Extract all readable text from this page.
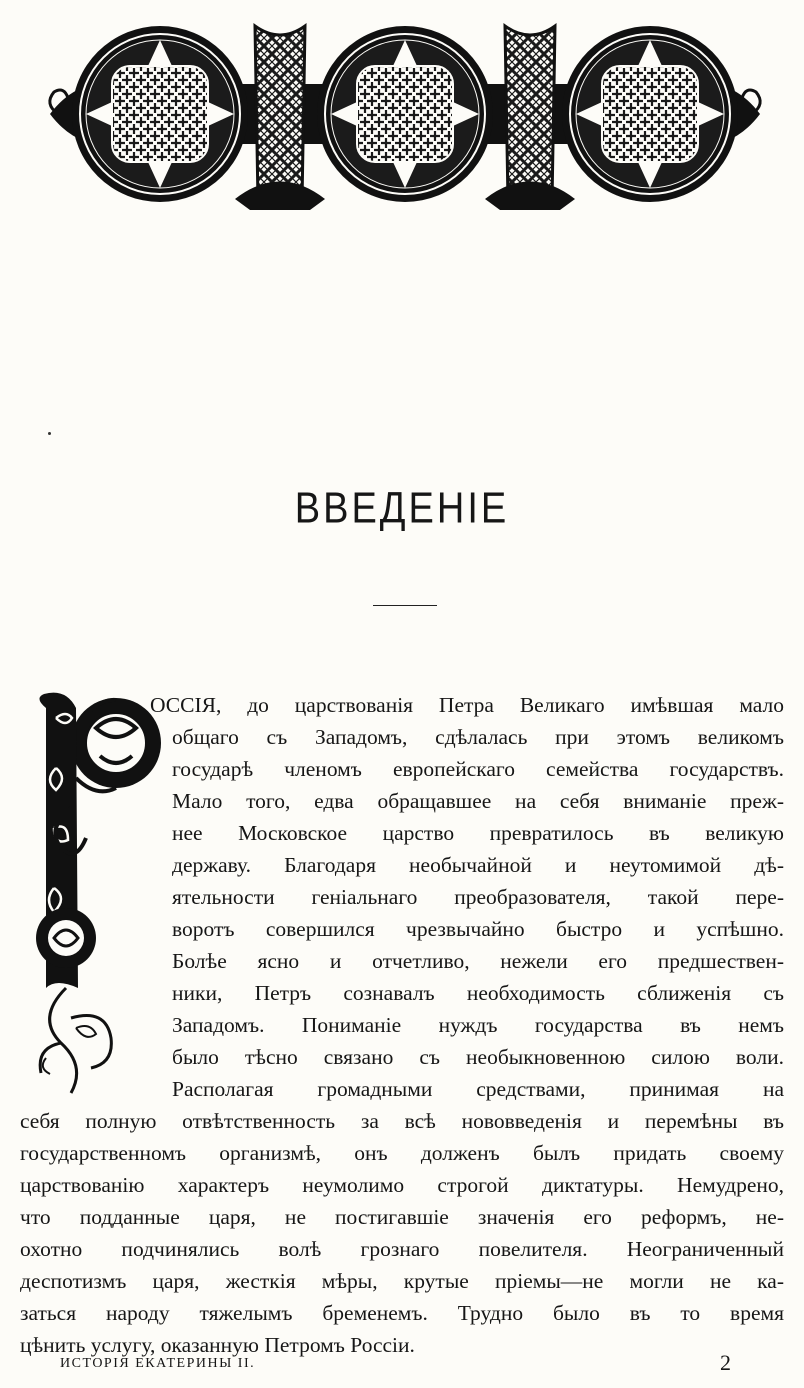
ВВЕДЕНІЕ
ОССІЯ, до царствованія Петра Великаго имѣвшая мало
общаго съ Западомъ, сдѣлалась при этомъ великомъ
государѣ членомъ европейскаго семейства государствъ.
Мало того, едва обращавшее на себя вниманіе преж-
нее Московское царство превратилось въ великую
державу. Благодаря необычайной и неутомимой дѣ-
ятельности геніальнаго преобразователя, такой пере-
воротъ совершился чрезвычайно быстро и успѣшно.
Болѣе ясно и отчетливо, нежели его предшествен-
ники, Петръ сознавалъ необходимость сближенія съ
Западомъ. Пониманіе нуждъ государства въ немъ
было тѣсно связано съ необыкновенною силою воли.
Располагая громадными средствами, принимая на
себя полную отвѣтственность за всѣ нововведенія и перемѣны въ
государственномъ организмѣ, онъ долженъ былъ придать своему
царствованію характеръ неумолимо строгой диктатуры. Немудрено,
что подданные царя, не постигавшіе значенія его реформъ, не-
охотно подчинялись волѣ грознаго повелителя. Неограниченный
деспотизмъ царя, жесткія мѣры, крутые пріемы—не могли не ка-
заться народу тяжелымъ бременемъ. Трудно было въ то время
цѣнить услугу, оказанную Петромъ Россіи.
ИСТОРІЯ ЕКАТЕРИНЫ II.	2
